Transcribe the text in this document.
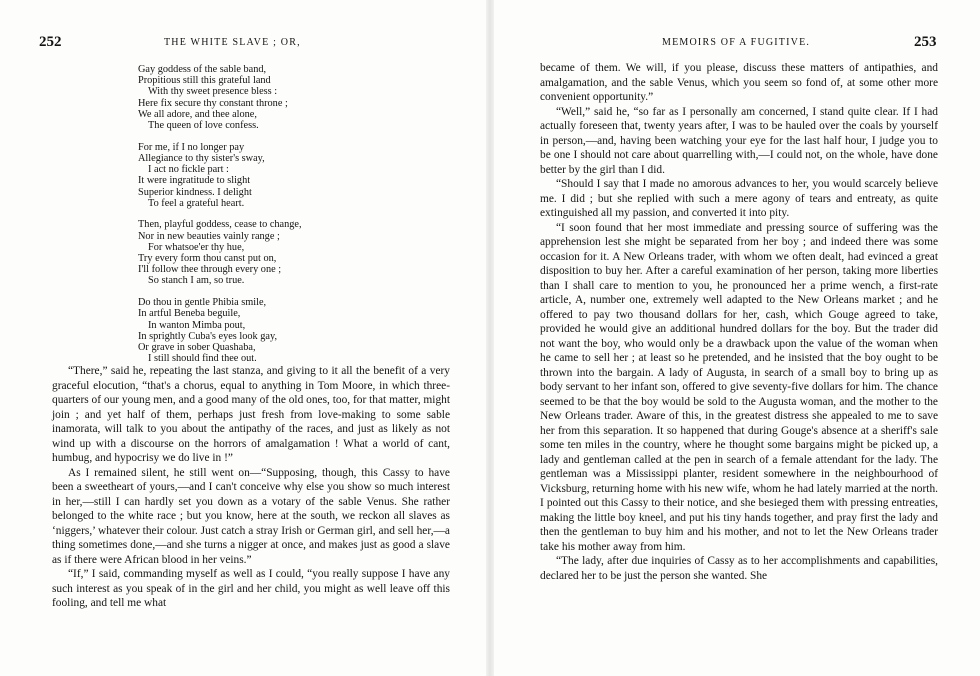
252	THE WHITE SLAVE ; OR,
Gay goddess of the sable band,
Propitious still this grateful land
With thy sweet presence bless :
Here fix secure thy constant throne ;
We all adore, and thee alone,
The queen of love confess.
For me, if I no longer pay
Allegiance to thy sister's sway,
I act no fickle part :
It were ingratitude to slight
Superior kindness. I delight
To feel a grateful heart.
Then, playful goddess, cease to change,
Nor in new beauties vainly range ;
For whatsoe'er thy hue,
Try every form thou canst put on,
I'll follow thee through every one ;
So stanch I am, so true.
Do thou in gentle Phibia smile,
In artful Beneba beguile,
In wanton Mimba pout,
In sprightly Cuba's eyes look gay,
Or grave in sober Quashaba,
I still should find thee out.

“There,” said he, repeating the last stanza, and giving to it all the benefit of a very graceful elocution, “that's a chorus, equal to anything in Tom Moore, in which three-quarters of our young men, and a good many of the old ones, too, for that matter, might join ; and yet half of them, perhaps just fresh from love-making to some sable inamorata, will talk to you about the antipathy of the races, and just as likely as not wind up with a discourse on the horrors of amalgamation ! What a world of cant, humbug, and hypocrisy we do live in !”

As I remained silent, he still went on—“Supposing, though, this Cassy to have been a sweetheart of yours,—and I can't conceive why else you show so much interest in her,—still I can hardly set you down as a votary of the sable Venus. She rather belonged to the white race ; but you know, here at the south, we reckon all slaves as ‘niggers,’ whatever their colour. Just catch a stray Irish or German girl, and sell her,—a thing sometimes done,—and she turns a nigger at once, and makes just as good a slave as if there were African blood in her veins.”

“If,” I said, commanding myself as well as I could, “you really suppose I have any such interest as you speak of in the girl and her child, you might as well leave off this fooling, and tell me what

253
MEMOIRS OF A FUGITIVE.

became of them. We will, if you please, discuss these matters of antipathies, and amalgamation, and the sable Venus, which you seem so fond of, at some other more convenient opportunity.”

“Well,” said he, “so far as I personally am concerned, I stand quite clear. If I had actually foreseen that, twenty years after, I was to be hauled over the coals by yourself in person,—and, having been watching your eye for the last half hour, I judge you to be one I should not care about quarrelling with,—I could not, on the whole, have done better by the girl than I did.

“Should I say that I made no amorous advances to her, you would scarcely believe me. I did ; but she replied with such a mere agony of tears and entreaty, as quite extinguished all my passion, and converted it into pity.

“I soon found that her most immediate and pressing source of suffering was the apprehension lest she might be separated from her boy ; and indeed there was some occasion for it. A New Orleans trader, with whom we often dealt, had evinced a great disposition to buy her. After a careful examination of her person, taking more liberties than I shall care to mention to you, he pronounced her a prime wench, a first-rate article, A, number one, extremely well adapted to the New Orleans market ; and he offered to pay two thousand dollars for her, cash, which Gouge agreed to take, provided he would give an additional hundred dollars for the boy. But the trader did not want the boy, who would only be a drawback upon the value of the woman when he came to sell her ; at least so he pretended, and he insisted that the boy ought to be thrown into the bargain. A lady of Augusta, in search of a small boy to bring up as body servant to her infant son, offered to give seventy-five dollars for him. The chance seemed to be that the boy would be sold to the Augusta woman, and the mother to the New Orleans trader. Aware of this, in the greatest distress she appealed to me to save her from this separation. It so happened that during Gouge's absence at a sheriff's sale some ten miles in the country, where he thought some bargains might be picked up, a lady and gentleman called at the pen in search of a female attendant for the lady. The gentleman was a Mississippi planter, resident somewhere in the neighbourhood of Vicksburg, returning home with his new wife, whom he had lately married at the north. I pointed out this Cassy to their notice, and she besieged them with pressing entreaties, making the little boy kneel, and put his tiny hands together, and pray first the lady and then the gentleman to buy him and his mother, and not to let the New Orleans trader take his mother away from him.

“The lady, after due inquiries of Cassy as to her accomplishments and capabilities, declared her to be just the person she wanted. She
